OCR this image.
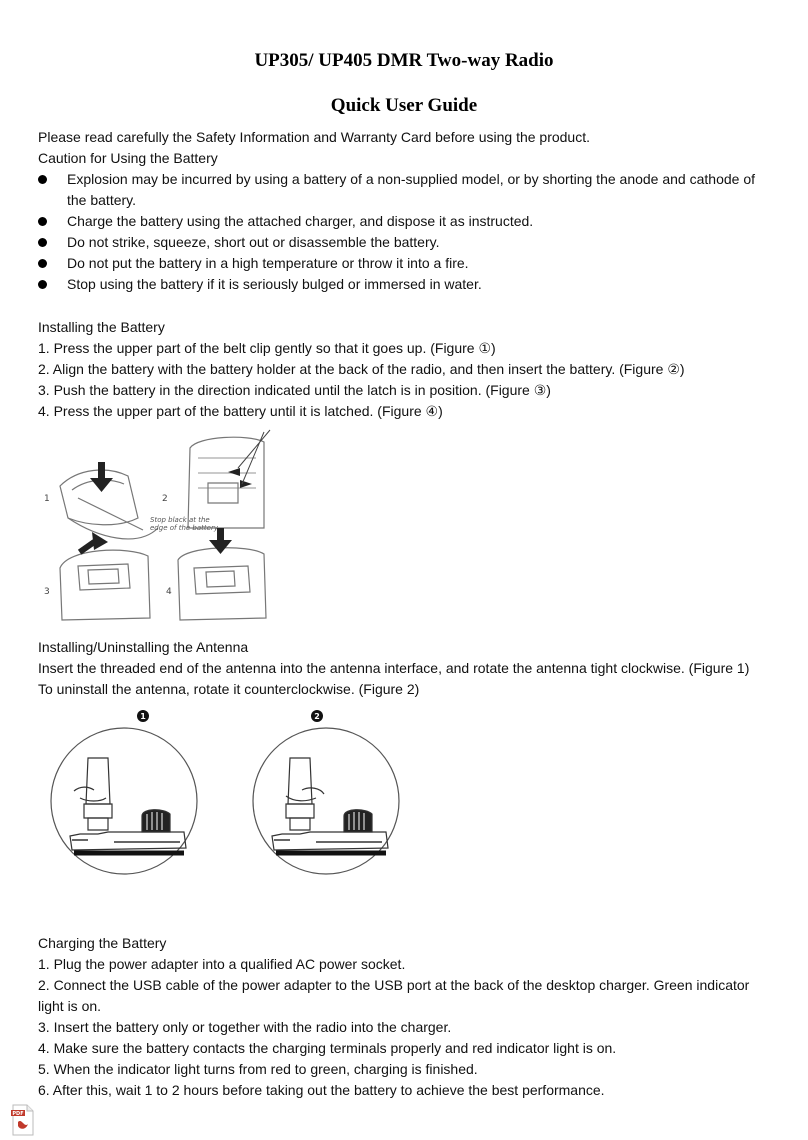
UP305/ UP405 DMR Two-way Radio
Quick User Guide
Please read carefully the Safety Information and Warranty Card before using the product.
Caution for Using the Battery
Explosion may be incurred by using a battery of a non-supplied model, or by shorting the anode and cathode of the battery.
Charge the battery using the attached charger, and dispose it as instructed.
Do not strike, squeeze, short out or disassemble the battery.
Do not put the battery in a high temperature or throw it into a fire.
Stop using the battery if it is seriously bulged or immersed in water.
Installing the Battery
1. Press the upper part of the belt clip gently so that it goes up. (Figure ①)
2. Align the battery with the battery holder at the back of the radio, and then insert the battery. (Figure ②)
3. Push the battery in the direction indicated until the latch is in position. (Figure ③)
4. Press the upper part of the battery until it is latched. (Figure ④)
1	2
3	4
Stop black at the edge of the battery
Installing/Uninstalling the Antenna
Insert the threaded end of the antenna into the antenna interface, and rotate the antenna tight clockwise. (Figure 1)
To uninstall the antenna, rotate it counterclockwise. (Figure 2)
1	2
Charging the Battery
1. Plug the power adapter into a qualified AC power socket.
2. Connect the USB cable of the power adapter to the USB port at the back of the desktop charger. Green indicator
light is on.
3. Insert the battery only or together with the radio into the charger.
4. Make sure the battery contacts the charging terminals properly and red indicator light is on.
5. When the indicator light turns from red to green, charging is finished.
6. After this, wait 1 to 2 hours before taking out the battery to achieve the best performance.
PDF
